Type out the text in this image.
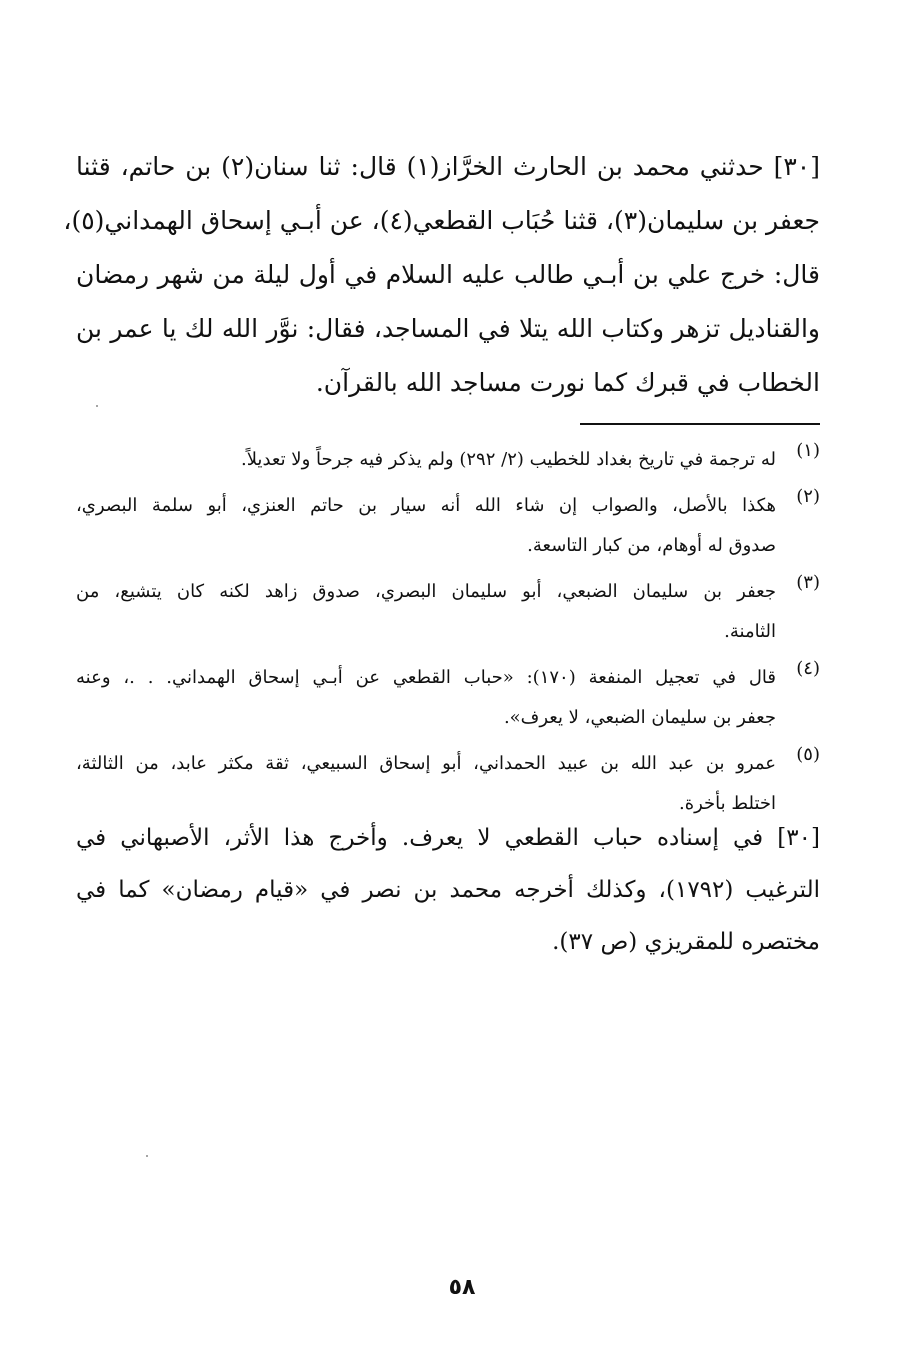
[٣٠] حدثني محمد بن الحارث الخرَّاز(١) قال: ثنا سنان(٢) بن حاتم، قثنا
جعفر بن سليمان(٣)، قثنا حُبَاب القطعي(٤)، عن أبـي إسحاق الهمداني(٥)،
قال: خرج علي بن أبـي طالب عليه السلام في أول ليلة من شهر رمضان
والقناديل تزهر وكتاب الله يتلا في المساجد، فقال: نوَّر الله لك يا عمر بن
الخطاب في قبرك كما نورت مساجد الله بالقرآن.
(١)
له ترجمة في تاريخ بغداد للخطيب (٢/ ٢٩٢) ولم يذكر فيه جرحاً ولا تعديلاً.
(٢)
هكذا بالأصل، والصواب إن شاء الله أنه سيار بن حاتم العنزي، أبو سلمة البصري،
صدوق له أوهام، من كبار التاسعة.
(٣)
جعفر بن سليمان الضبعي، أبو سليمان البصري، صدوق زاهد لكنه كان يتشيع، من
الثامنة.
(٤)
قال في تعجيل المنفعة (١٧٠): «حباب القطعي عن أبـي إسحاق الهمداني. . .، وعنه
جعفر بن سليمان الضبعي، لا يعرف».
(٥)
عمرو بن عبد الله بن عبيد الحمداني، أبو إسحاق السبيعي، ثقة مكثر عابد، من الثالثة،
اختلط بأخرة.
[٣٠] في إسناده حباب القطعي لا يعرف. وأخرج هذا الأثر، الأصبهاني في
الترغيب (١٧٩٢)، وكذلك أخرجه محمد بن نصر في «قيام رمضان» كما في
مختصره للمقريزي (ص ٣٧).
٥٨
